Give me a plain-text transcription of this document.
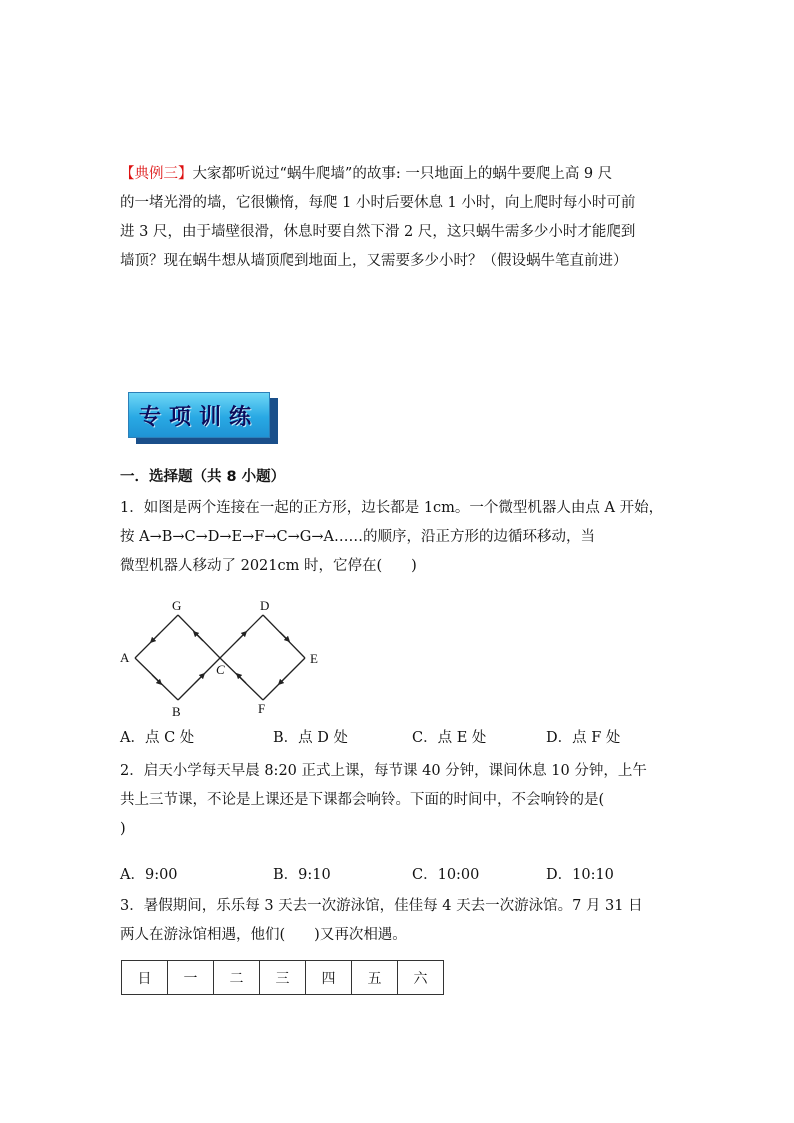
【典例三】大家都听说过“蜗牛爬墙”的故事: 一只地面上的蜗牛要爬上高 9 尺
的一堵光滑的墙，它很懒惰，每爬 1 小时后要休息 1 小时，向上爬时每小时可前
进 3 尺，由于墙壁很滑，休息时要自然下滑 2 尺，这只蜗牛需多少小时才能爬到
墙顶？现在蜗牛想从墙顶爬到地面上，又需要多少小时？（假设蜗牛笔直前进）
专项训练
一．选择题（共 8 小题）
1．如图是两个连接在一起的正方形，边长都是 1cm。一个微型机器人由点 A 开始，
按 A→B→C→D→E→F→C→G→A……的顺序，沿正方形的边循环移动，当
微型机器人移动了 2021cm 时，它停在(　　)
G	D
A
C
E
B	F
A．点 C 处	B．点 D 处	C．点 E 处	D．点 F 处
2．启天小学每天早晨 8:20 正式上课，每节课 40 分钟，课间休息 10 分钟，上午
共上三节课，不论是上课还是下课都会响铃。下面的时间中，不会响铃的是(
)
A．9:00	B．9:10	C．10:00	D．10:10
3．暑假期间，乐乐每 3 天去一次游泳馆，佳佳每 4 天去一次游泳馆。7 月 31 日
两人在游泳馆相遇，他们(　　)又再次相遇。
日	一	二	三	四	五	六
